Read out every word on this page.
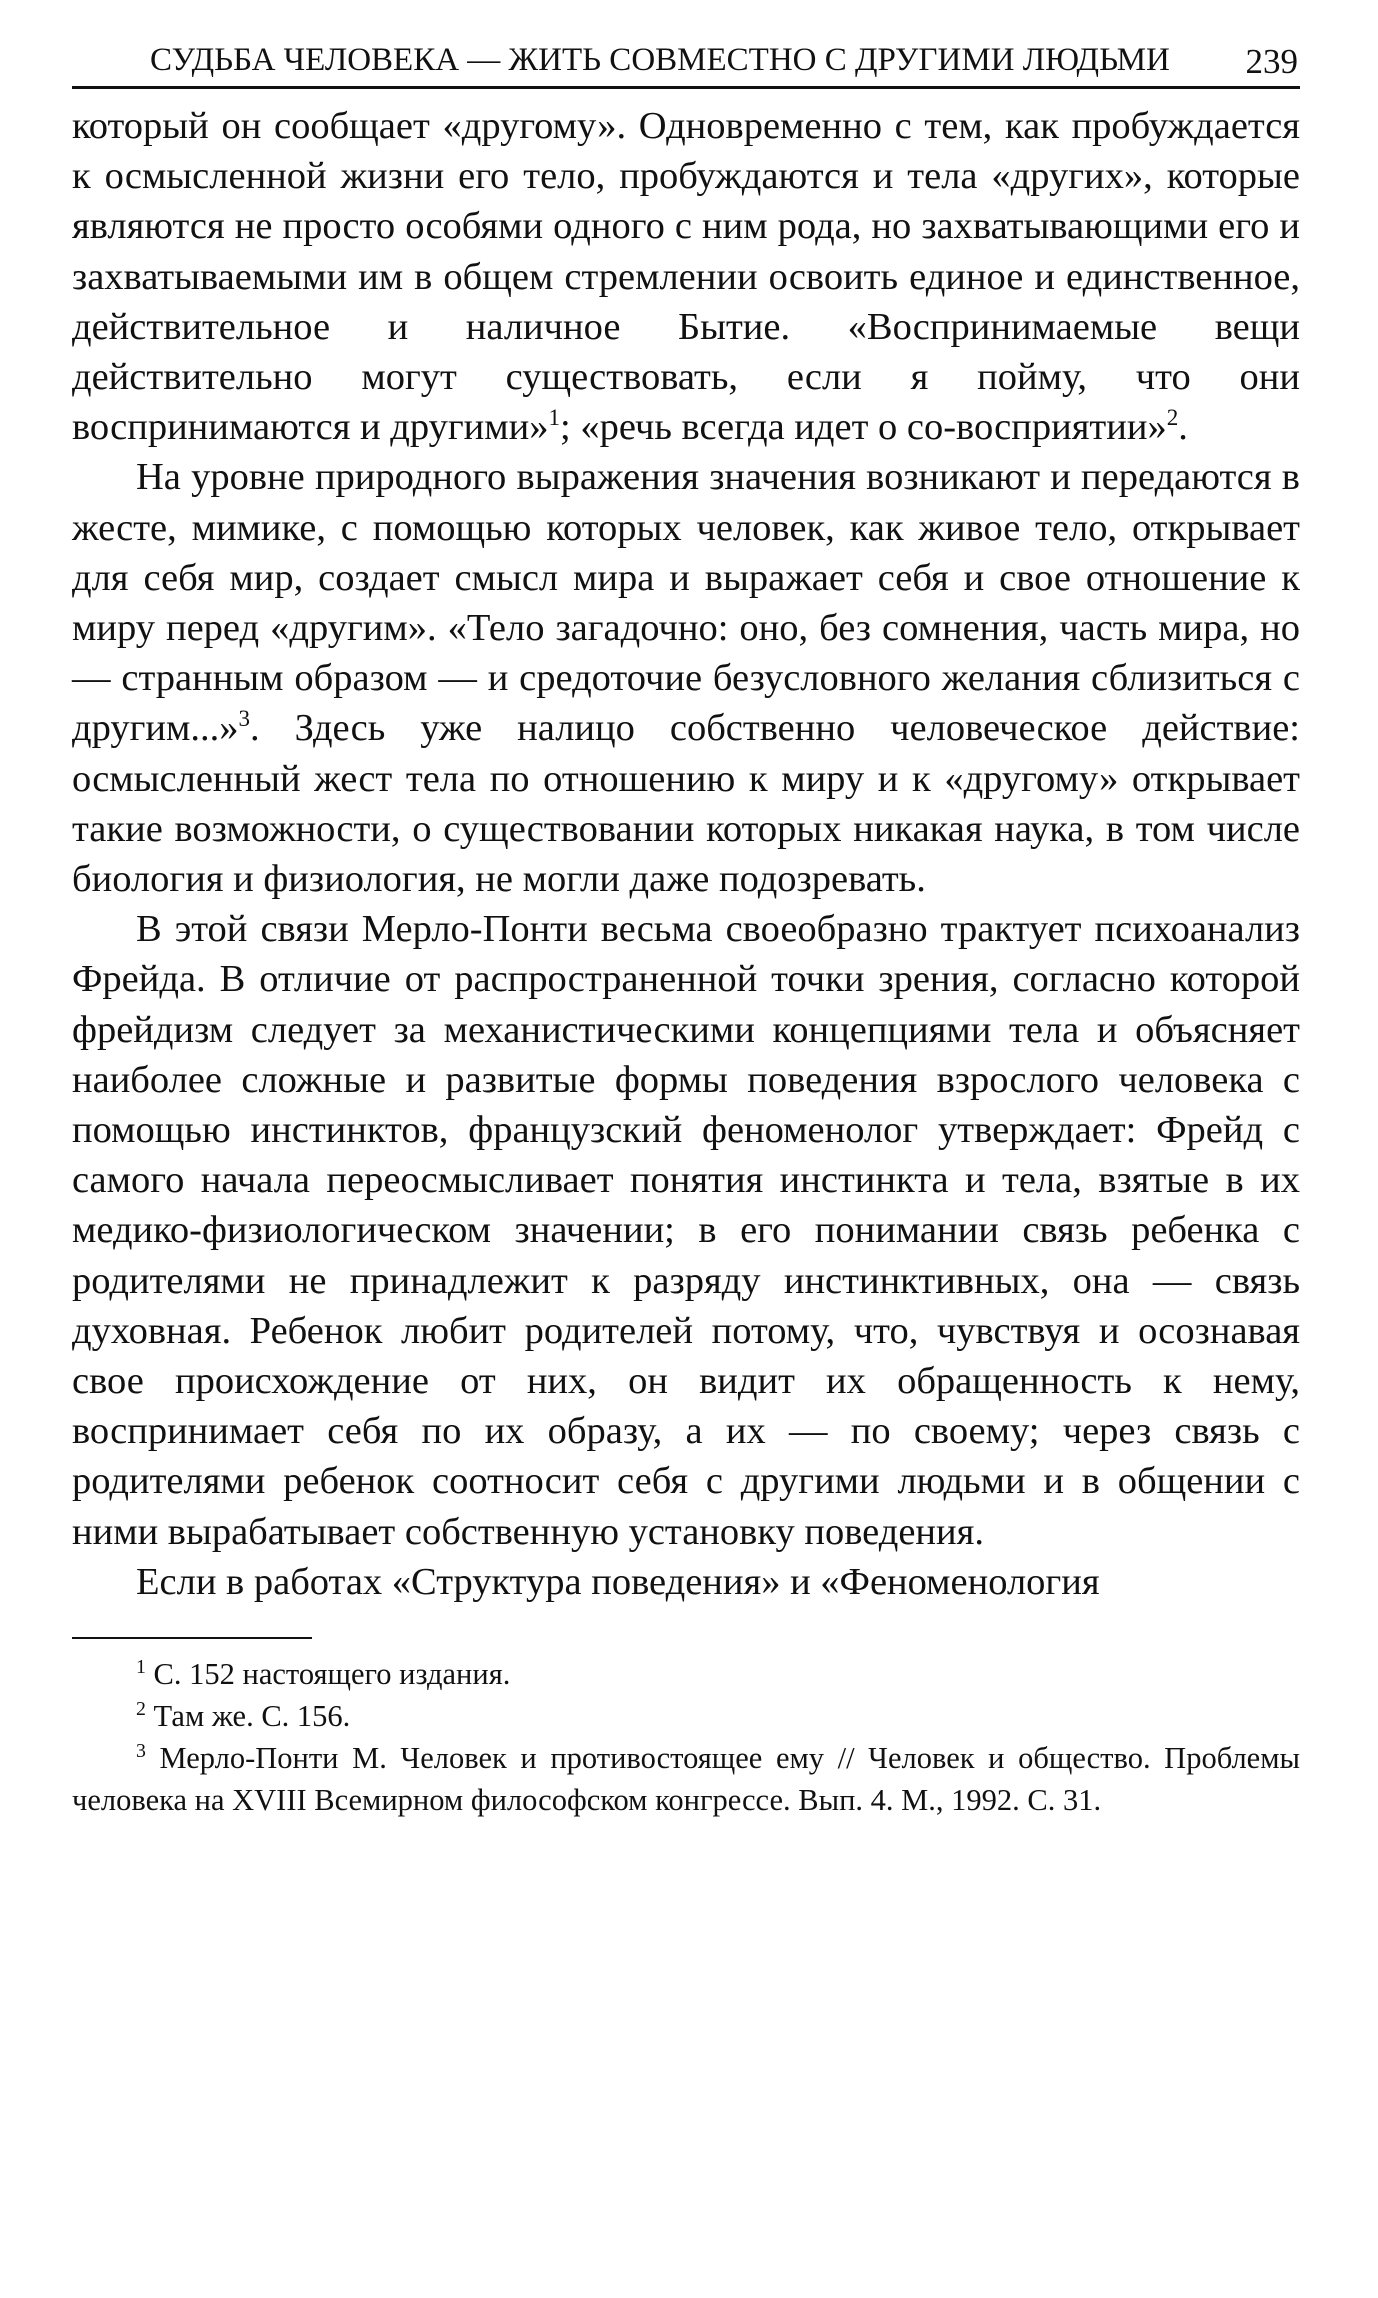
СУДЬБА ЧЕЛОВЕКА — ЖИТЬ СОВМЕСТНО С ДРУГИМИ ЛЮДЬМИ 239

который он сообщает «другому». Одновременно с тем, как пробуждается к осмысленной жизни его тело, пробуждаются и тела «других», которые являются не просто особями одного с ним рода, но захватывающими его и захватываемыми им в общем стремлении освоить единое и единственное, действительное и наличное Бытие. «Воспринимаемые вещи действительно могут существовать, если я пойму, что они воспринимаются и другими»$^1$; «речь всегда идет о со-восприятии»$^2$.

На уровне природного выражения значения возникают и передаются в жесте, мимике, с помощью которых человек, как живое тело, открывает для себя мир, создает смысл мира и выражает себя и свое отношение к миру перед «другим». «Тело загадочно: оно, без сомнения, часть мира, но — странным образом — и средоточие безусловного желания сблизиться с другим...»$^3$. Здесь уже налицо собственно человеческое действие: осмысленный жест тела по отношению к миру и к «другому» открывает такие возможности, о существовании которых никакая наука, в том числе биология и физиология, не могли даже подозревать.

В этой связи Мерло-Понти весьма своеобразно трактует психоанализ Фрейда. В отличие от распространенной точки зрения, согласно которой фрейдизм следует за механистическими концепциями тела и объясняет наиболее сложные и развитые формы поведения взрослого человека с помощью инстинктов, французский феноменолог утверждает: Фрейд с самого начала переосмысливает понятия инстинкта и тела, взятые в их медико-физиологическом значении; в его понимании связь ребенка с родителями не принадлежит к разряду инстинктивных, она — связь духовная. Ребенок любит родителей потому, что, чувствуя и осознавая свое происхождение от них, он видит их обращенность к нему, воспринимает себя по их образу, а их — по своему; через связь с родителями ребенок соотносит себя с другими людьми и в общении с ними вырабатывает собственную установку поведения.

Если в работах «Структура поведения» и «Феноменология

$^1$ С. 152 настоящего издания.

$^2$ Там же. С. 156.

$^3$ Мерло-Понти М. Человек и противостоящее ему // Человек и общество. Проблемы человека на XVIII Всемирном философском конгрессе. Вып. 4. М., 1992. С. 31.
